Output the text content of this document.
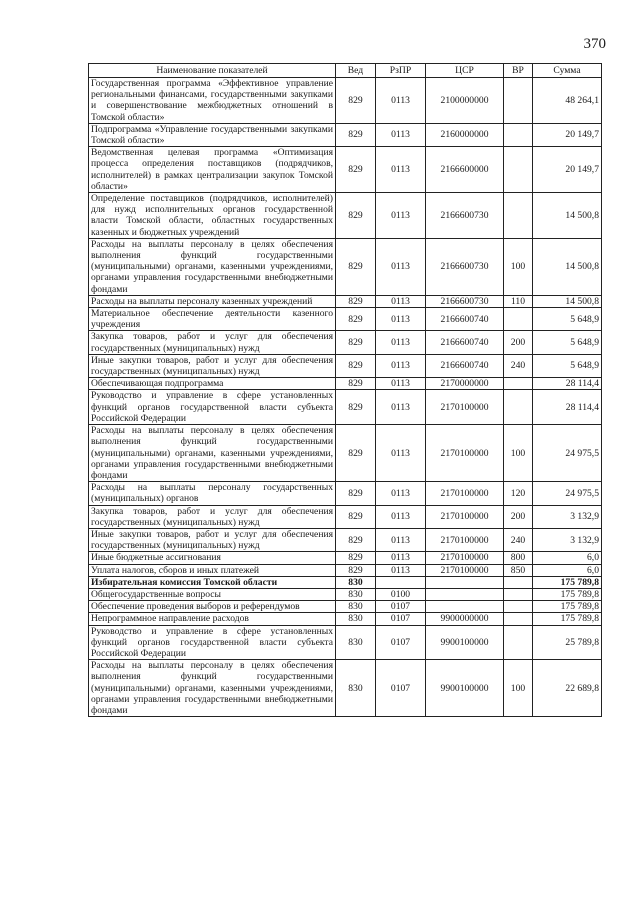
370
Наименование показателей	Вед	РзПР	ЦСР	ВР	Сумма
Государственная программа «Эффективное управление региональными финансами, государственными закупками и совершенствование межбюджетных отношений в Томской области»	829	0113	2100000000		48 264,1
Подпрограмма «Управление государственными закупками Томской области»	829	0113	2160000000		20 149,7
Ведомственная целевая программа «Оптимизация процесса определения поставщиков (подрядчиков, исполнителей) в рамках централизации закупок Томской области»	829	0113	2166600000		20 149,7
Определение поставщиков (подрядчиков, исполнителей) для нужд исполнительных органов государственной власти Томской области, областных государственных казенных и бюджетных учреждений	829	0113	2166600730		14 500,8
Расходы на выплаты персоналу в целях обеспечения выполнения функций государственными (муниципальными) органами, казенными учреждениями, органами управления государственными внебюджетными фондами	829	0113	2166600730	100	14 500,8
Расходы на выплаты персоналу казенных учреждений	829	0113	2166600730	110	14 500,8
Материальное обеспечение деятельности казенного учреждения	829	0113	2166600740		5 648,9
Закупка товаров, работ и услуг для обеспечения государственных (муниципальных) нужд	829	0113	2166600740	200	5 648,9
Иные закупки товаров, работ и услуг для обеспечения государственных (муниципальных) нужд	829	0113	2166600740	240	5 648,9
Обеспечивающая подпрограмма	829	0113	2170000000		28 114,4
Руководство и управление в сфере установленных функций органов государственной власти субъекта Российской Федерации	829	0113	2170100000		28 114,4
Расходы на выплаты персоналу в целях обеспечения выполнения функций государственными (муниципальными) органами, казенными учреждениями, органами управления государственными внебюджетными фондами	829	0113	2170100000	100	24 975,5
Расходы на выплаты персоналу государственных (муниципальных) органов	829	0113	2170100000	120	24 975,5
Закупка товаров, работ и услуг для обеспечения государственных (муниципальных) нужд	829	0113	2170100000	200	3 132,9
Иные закупки товаров, работ и услуг для обеспечения государственных (муниципальных) нужд	829	0113	2170100000	240	3 132,9
Иные бюджетные ассигнования	829	0113	2170100000	800	6,0
Уплата налогов, сборов и иных платежей	829	0113	2170100000	850	6,0
Избирательная комиссия Томской области	830				175 789,8
Общегосударственные вопросы	830	0100			175 789,8
Обеспечение проведения выборов и референдумов	830	0107			175 789,8
Непрограммное направление расходов	830	0107	9900000000		175 789,8
Руководство и управление в сфере установленных функций органов государственной власти субъекта Российской Федерации	830	0107	9900100000		25 789,8
Расходы на выплаты персоналу в целях обеспечения выполнения функций государственными (муниципальными) органами, казенными учреждениями, органами управления государственными внебюджетными фондами	830	0107	9900100000	100	22 689,8
